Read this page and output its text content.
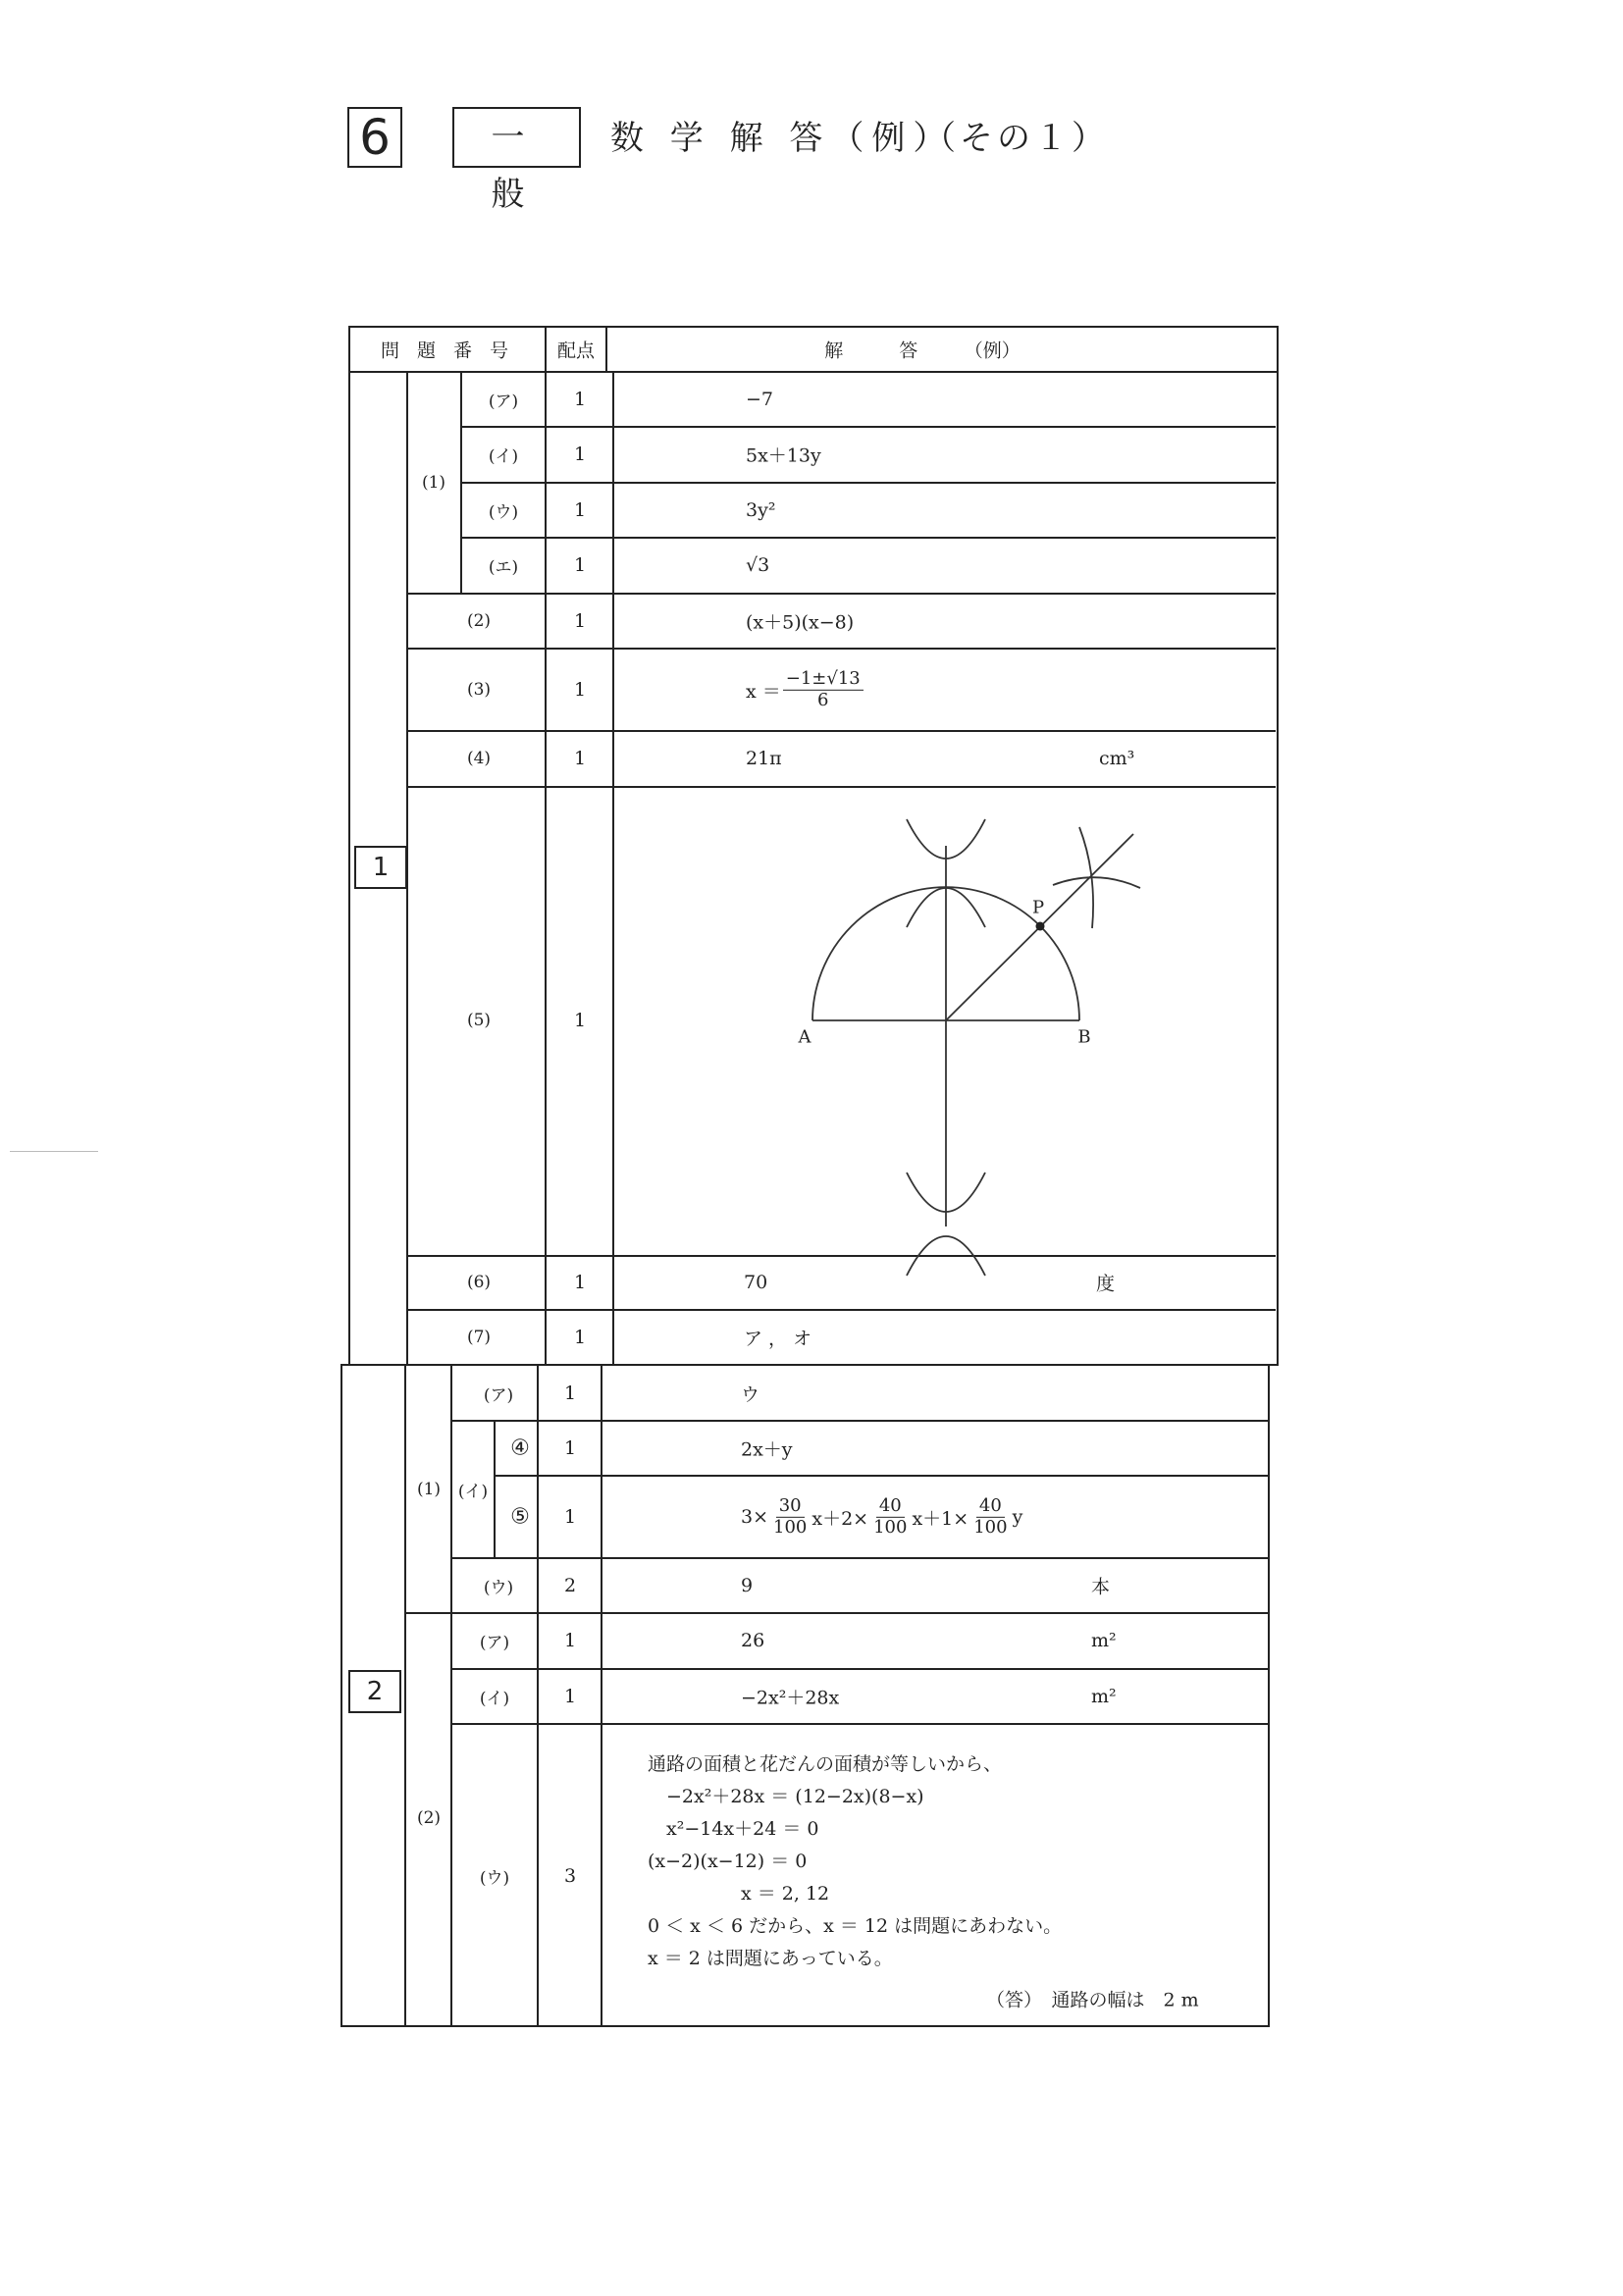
6	一 般
数 学 解 答（例）
（その１）
問 題 番 号 配点	解　　　答　　　（例）
1
(1)
(ア)	1	−7
(イ)	1	5x＋13y
(ウ)	1	3y²
(エ)	1	√3
(2)	1	(x＋5)(x−8)
(3)	1	$x = \frac{-1\pm√13}{6}$
(4)	1	21π	cm³
(5)	1
P
A	B
(6)	1	70	度
(7)	1	ア ， オ
2
(1)
(ア)	1	ウ
(イ)
④ 1	2x＋y
⑤ 1	$3\times \frac{30}{100} x+2\times \frac{40}{100} x+1\times \frac{40}{100}$ y
(ウ)	2	9	本
(2)
(ア)	1	26	m²
(イ)	1	−2x²＋28x	m²
(ウ)	3
通路の面積と花だんの面積が等しいから、
　−2x²＋28x ＝ (12−2x)(8−x)
　x²−14x＋24 ＝ 0
(x−2)(x−12) ＝ 0
　　　　　x ＝ 2, 12
0 ＜ x ＜ 6 だから、x ＝ 12 は問題にあわない。
x ＝ 2 は問題にあっている。
（答）　通路の幅は　2 m
